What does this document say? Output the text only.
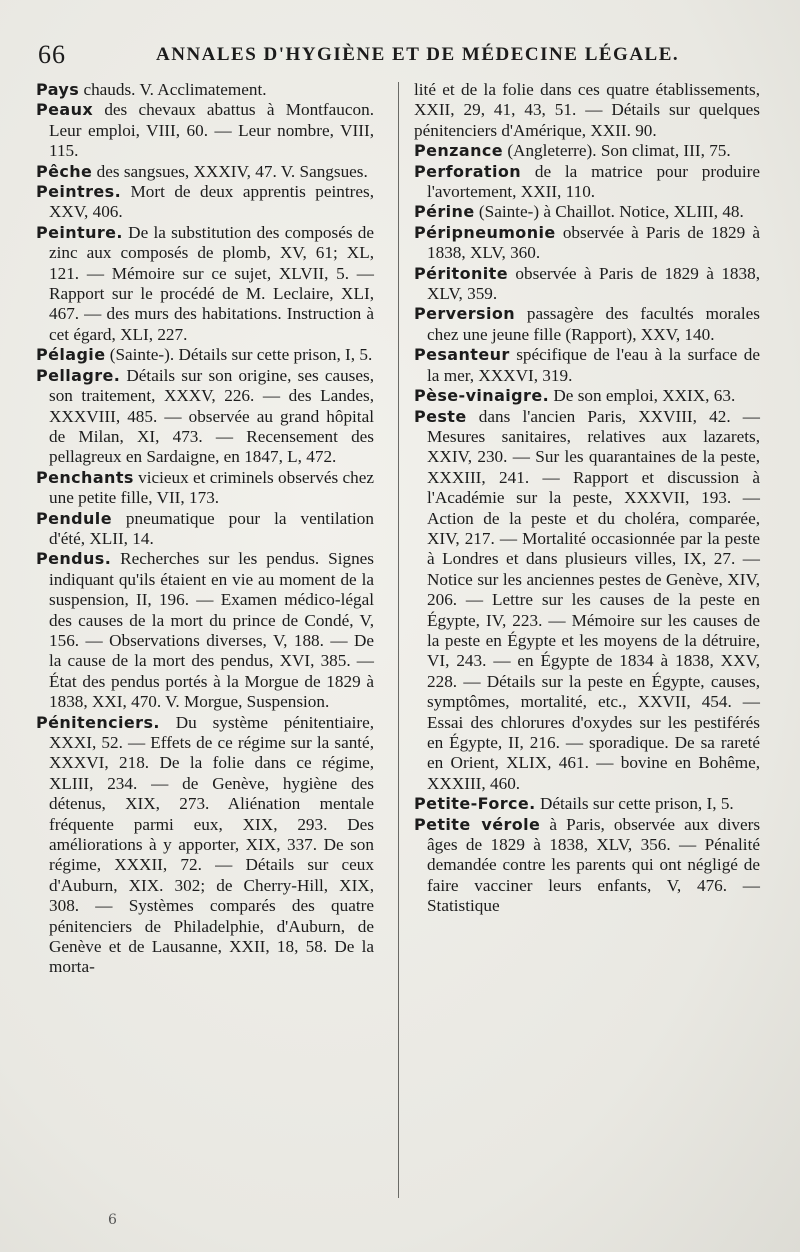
66	ANNALES D'HYGIÈNE ET DE MÉDECINE LÉGALE.
Pays chauds. V. Acclimatement.
Peaux des chevaux abattus à Montfaucon. Leur emploi, VIII, 60. — Leur nombre, VIII, 115.
Pêche des sangsues, XXXIV, 47. V. Sangsues.
Peintres. Mort de deux apprentis peintres, XXV, 406.
Peinture. De la substitution des composés de zinc aux composés de plomb, XV, 61; XL, 121. — Mémoire sur ce sujet, XLVII, 5. — Rapport sur le procédé de M. Leclaire, XLI, 467. — des murs des habitations. Instruction à cet égard, XLI, 227.
Pélagie (Sainte-). Détails sur cette prison, I, 5.
Pellagre. Détails sur son origine, ses causes, son traitement, XXXV, 226. — des Landes, XXXVIII, 485. — observée au grand hôpital de Milan, XI, 473. — Recensement des pellagreux en Sardaigne, en 1847, L, 472.
Penchants vicieux et criminels observés chez une petite fille, VII, 173.
Pendule pneumatique pour la ventilation d'été, XLII, 14.
Pendus. Recherches sur les pendus. Signes indiquant qu'ils étaient en vie au moment de la suspension, II, 196. — Examen médico-légal des causes de la mort du prince de Condé, V, 156. — Observations diverses, V, 188. — De la cause de la mort des pendus, XVI, 385. — État des pendus portés à la Morgue de 1829 à 1838, XXI, 470. V. Morgue, Suspension.
Pénitenciers. Du système pénitentiaire, XXXI, 52. — Effets de ce régime sur la santé, XXXVI, 218. De la folie dans ce régime, XLIII, 234. — de Genève, hygiène des détenus, XIX, 273. Aliénation mentale fréquente parmi eux, XIX, 293. Des améliorations à y apporter, XIX, 337. De son régime, XXXII, 72. — Détails sur ceux d'Auburn, XIX. 302; de Cherry-Hill, XIX, 308. — Systèmes comparés des quatre pénitenciers de Philadelphie, d'Auburn, de Genève et de Lausanne, XXII, 18, 58. De la morta-
lité et de la folie dans ces quatre établissements, XXII, 29, 41, 43, 51. — Détails sur quelques pénitenciers d'Amérique, XXII. 90.
Penzance (Angleterre). Son climat, III, 75.
Perforation de la matrice pour produire l'avortement, XXII, 110.
Périne (Sainte-) à Chaillot. Notice, XLIII, 48.
Péripneumonie observée à Paris de 1829 à 1838, XLV, 360.
Péritonite observée à Paris de 1829 à 1838, XLV, 359.
Perversion passagère des facultés morales chez une jeune fille (Rapport), XXV, 140.
Pesanteur spécifique de l'eau à la surface de la mer, XXXVI, 319.
Pèse-vinaigre. De son emploi, XXIX, 63.
Peste dans l'ancien Paris, XXVIII, 42. — Mesures sanitaires, relatives aux lazarets, XXIV, 230. — Sur les quarantaines de la peste, XXXIII, 241. — Rapport et discussion à l'Académie sur la peste, XXXVII, 193. — Action de la peste et du choléra, comparée, XIV, 217. — Mortalité occasionnée par la peste à Londres et dans plusieurs villes, IX, 27. — Notice sur les anciennes pestes de Genève, XIV, 206. — Lettre sur les causes de la peste en Égypte, IV, 223. — Mémoire sur les causes de la peste en Égypte et les moyens de la détruire, VI, 243. — en Égypte de 1834 à 1838, XXV, 228. — Détails sur la peste en Égypte, causes, symptômes, mortalité, etc., XXVII, 454. — Essai des chlorures d'oxydes sur les pestiférés en Égypte, II, 216. — sporadique. De sa rareté en Orient, XLIX, 461. — bovine en Bohême, XXXIII, 460.
Petite-Force. Détails sur cette prison, I, 5.
Petite vérole à Paris, observée aux divers âges de 1829 à 1838, XLV, 356. — Pénalité demandée contre les parents qui ont négligé de faire vacciner leurs enfants, V, 476. — Statistique
6
